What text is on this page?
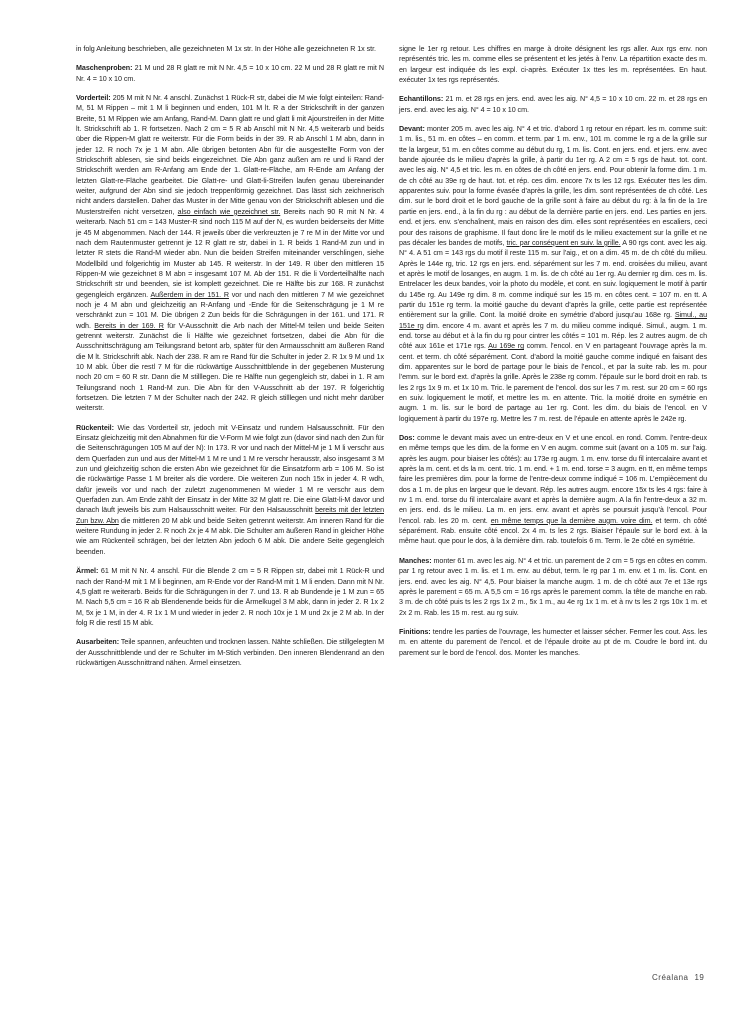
in folg Anleitung beschrieben, alle gezeichneten M 1x str. In der Höhe alle gezeichneten R 1x str.

Maschenproben: 21 M und 28 R glatt re mit N Nr. 4,5 = 10 x 10 cm. 22 M und 28 R glatt re mit N Nr. 4 = 10 x 10 cm.

Vorderteil: 205 M mit N Nr. 4 anschl. Zunächst 1 Rück-R str, dabei die M wie folgt einteilen: Rand-M, 51 M Rippen – mit 1 M li beginnen und enden, 101 M lt. R a der Strickschrift in der ganzen Breite, 51 M Rippen wie am Anfang, Rand-M. Dann glatt re und glatt li mit Ajourstreifen in der Mitte lt. Strickschrift ab 1. R fortsetzen. Nach 2 cm = 5 R ab Anschl mit N Nr. 4,5 weiterarb und beids über die Rippen-M glatt re weiterstr. Für die Form beids in der 39. R ab Anschl 1 M abn, dann in jeder 12. R noch 7x je 1 M abn. Alle übrigen betonten Abn für die ausgestellte Form von der Strickschrift ablesen, sie sind beids eingezeichnet. Die Abn ganz außen am re und li Rand der Strickschrift werden am R-Anfang am Ende der 1. Glatt-re-Fläche, am R-Ende am Anfang der letzten Glatt-re-Fläche gearbeitet. Die Glatt-re- und Glatt-li-Streifen laufen genau übereinander weiter, aufgrund der Abn sind sie jedoch treppenförmig gezeichnet. Das lässt sich zeichnerisch nicht anders darstellen. Daher das Muster in der Mitte genau von der Strickschrift ablesen und die Musterstreifen nicht versetzen, also einfach wie gezeichnet str. Bereits nach 90 R mit N Nr. 4 weiterarb. Nach 51 cm = 143 Muster-R sind noch 115 M auf der N, es wurden beiderseits der Mitte je 45 M abgenommen. Nach der 144. R jeweils über die verkreuzten je 7 re M in der Mitte vor und nach dem Rautenmuster getrennt je 12 R glatt re str, dabei in 1. R beids 1 Rand-M zun und in letzter R stets die Rand-M wieder abn. Nun die beiden Streifen miteinander verschlingen, siehe Modellbild und folgerichtig im Muster ab 145. R weiterstr. In der 149. R über den mittleren 15 Rippen-M wie gezeichnet 8 M abn = insgesamt 107 M. Ab der 151. R die li Vorderteilhälfte nach Strickschrift str und beenden, sie ist komplett gezeichnet. Die re Hälfte bis zur 168. R zunächst gegengleich ergänzen. Außerdem in der 151. R vor und nach den mittleren 7 M wie gezeichnet noch je 4 M abn und gleichzeitig an R-Anfang und -Ende für die Seitenschrägung je 1 M re verschränkt zun = 101 M. Die übrigen 2 Zun beids für die Schrägungen in der 161. und 171. R wdh. Bereits in der 169. R für V-Ausschnitt die Arb nach der Mittel-M teilen und beide Seiten getrennt weiterstr. Zunächst die li Hälfte wie gezeichnet fortsetzen, dabei die Abn für die Ausschnittschrägung am Teilungsrand betont arb, später für den Armausschnitt am äußeren Rand die M lt. Strickschrift abk. Nach der 238. R am re Rand für die Schulter in jeder 2. R 1x 9 M und 1x 10 M abk. Über die restl 7 M für die rückwärtige Ausschnittblende in der gegebenen Musterung noch 20 cm = 60 R str. Dann die M stilllegen. Die re Hälfte nun gegengleich str, dabei in 1. R am Teilungsrand noch 1 Rand-M zun. Die Abn für den V-Ausschnitt ab der 197. R folgerichtig fortsetzen. Die letzten 7 M der Schulter nach der 242. R gleich stilllegen und nicht mehr darüber weiterstr.

Rückenteil: Wie das Vorderteil str, jedoch mit V-Einsatz und rundem Halsausschnitt. Für den Einsatz gleichzeitig mit den Abnahmen für die V-Form M wie folgt zun (davor sind nach den Zun für die Seitenschrägungen 105 M auf der N): In 173. R vor und nach der Mittel-M je 1 M li verschr aus dem Querfaden zun und aus der Mittel-M 1 M re und 1 M re verschr herausstr, also insgesamt 3 M zun und gleichzeitig schon die ersten Abn wie gezeichnet für die Einsatzform arb = 106 M. So ist die rückwärtige Passe 1 M breiter als die vordere. Die weiteren Zun noch 15x in jeder 4. R wdh, dafür jeweils vor und nach der zuletzt zugenommenen M wieder 1 M re verschr aus dem Querfaden zun. Am Ende zählt der Einsatz in der Mitte 32 M glatt re. Die eine Glatt-li-M davor und danach läuft jeweils bis zum Halsausschnitt weiter. Für den Halsausschnitt bereits mit der letzten Zun bzw. Abn die mittleren 20 M abk und beide Seiten getrennt weiterstr. Am inneren Rand für die weitere Rundung in jeder 2. R noch 2x je 4 M abk. Die Schulter am äußeren Rand in gleicher Höhe wie am Rückenteil schrägen, bei der letzten Abn jedoch 6 M abk. Die andere Seite gegengleich beenden.

Ärmel: 61 M mit N Nr. 4 anschl. Für die Blende 2 cm = 5 R Rippen str, dabei mit 1 Rück-R und nach der Rand-M mit 1 M li beginnen, am R-Ende vor der Rand-M mit 1 M li enden. Dann mit N Nr. 4,5 glatt re weiterarb. Beids für die Schrägungen in der 7. und 13. R ab Bundende je 1 M zun = 65 M. Nach 5,5 cm = 16 R ab Blendenende beids für die Ärmelkugel 3 M abk, dann in jeder 2. R 1x 2 M, 5x je 1 M, in der 4. R 1x 1 M und wieder in jeder 2. R noch 10x je 1 M und 2x je 2 M ab. In der folg R die restl 15 M abk.

Ausarbeiten: Teile spannen, anfeuchten und trocknen lassen. Nähte schließen. Die stillgelegten M der Ausschnittblende und der re Schulter im M-Stich verbinden. Den inneren Blendenrand an den rückwärtigen Ausschnittrand nähen. Ärmel einsetzen.

signe le 1er rg retour. Les chiffres en marge à droite désignent les rgs aller. Aux rgs env. non représentés tric. les m. comme elles se présentent et les jetés à l’env. La répartition exacte des m. en largeur est indiquée ds les expl. ci-après. Exécuter 1x ttes les m. représentées. En haut. exécuter 1x tes rgs représentés.

Echantillons: 21 m. et 28 rgs en jers. end. avec les aig. N° 4,5 = 10 x 10 cm. 22 m. et 28 rgs en jers. end. avec les aig. N° 4 = 10 x 10 cm.

Devant: monter 205 m. avec les aig. N° 4 et tric. d’abord 1 rg retour en répart. les m. comme suit: 1 m. lis., 51 m. en côtes – en comm. et term. par 1 m. env., 101 m. comme le rg a de la grille sur tte la largeur, 51 m. en côtes comme au début du rg, 1 m. lis. Cont. en jers. end. et jers. env. avec bande ajourée ds le milieu d’après la grille, à partir du 1er rg. A 2 cm = 5 rgs de haut. tot. cont. avec les aig. N° 4,5 et tric. les m. en côtes de ch côté en jers. end. Pour obtenir la forme dim. 1 m. de ch côté au 39e rg de haut. tot. et rép. ces dim. encore 7x ts les 12 rgs. Exécuter ttes les dim. apparentes suiv. pour la forme évasée d’après la grille, les dim. sont représentées de ch côté. Les dim. sur le bord droit et le bord gauche de la grille sont à faire au début du rg: à la fin de la 1re partie en jers. end., à la fin du rg : au début de la dernière partie en jers. end. Les parties en jers. end. et jers. env. s’enchaînent, mais en raison des dim. elles sont représentées en escaliers, ceci pour des raisons de graphisme. Il faut donc lire le motif ds le milieu exactement sur la grille et ne pas décaler les bandes de motifs, tric. par conséquent en suiv. la grille. A 90 rgs cont. avec les aig. N° 4. A 51 cm = 143 rgs du motif il reste 115 m. sur l’aig., et on a dim. 45 m. de ch côté du milieu. Après le 144e rg, tric. 12 rgs en jers. end. séparément sur les 7 m. end. croisées du milieu, avant et après le motif de losanges, en augm. 1 m. lis. de ch côté au 1er rg. Au dernier rg dim. ces m. lis. Entrelacer les deux bandes, voir la photo du modèle, et cont. en suiv. logiquement le motif à partir du 145e rg. Au 149e rg dim. 8 m. comme indiqué sur les 15 m. en côtes cent. = 107 m. en tt. A partir du 151e rg term. la moitié gauche du devant d’après la grille, cette partie est représentée entièrement sur la grille. Cont. la moitié droite en symétrie d’abord jusqu’au 168e rg. Simul., au 151e rg dim. encore 4 m. avant et après les 7 m. du milieu comme indiqué. Simul., augm. 1 m. end. torse au début et à la fin du rg pour cintrer les côtés = 101 m. Rép. les 2 autres augm. de ch côté aux 161e et 171e rgs. Au 169e rg comm. l’encol. en V en partageant l’ouvrage après la m. cent. et term. ch côté séparément. Cont. d’abord la moitié gauche comme indiqué en faisant des dim. apparentes sur le bord de partage pour le biais de l’encol., et par la suite rab. les m. pour l’emm. sur le bord ext. d’après la grille. Après le 238e rg comm. l’épaule sur le bord droit en rab. ts les 2 rgs 1x 9 m. et 1x 10 m. Tric. le parement de l’encol. dos sur les 7 m. rest. sur 20 cm = 60 rgs en suiv. logiquement le motif, et mettre les m. en attente. Tric. la moitié droite en symétrie en augm. 1 m. lis. sur le bord de partage au 1er rg. Cont. les dim. du biais de l’encol. en V logiquement à partir du 197e rg. Mettre les 7 m. rest. de l’épaule en attente après le 242e rg.

Dos: comme le devant mais avec un entre-deux en V et une encol. en rond. Comm. l’entre-deux en même temps que les dim. de la forme en V en augm. comme suit (avant on a 105 m. sur l’aig. après les augm. pour biaiser les côtés): au 173e rg augm. 1 m. env. torse du fil intercalaire avant et après la m. cent. et ds la m. cent. tric. 1 m. end. + 1 m. end. torse = 3 augm. en tt, en même temps faire les premières dim. pour la forme de l’entre-deux comme indiqué = 106 m. L’empiècement du dos a 1 m. de plus en largeur que le devant. Rép. les autres augm. encore 15x ts les 4 rgs: faire à nv 1 m. end. torse du fil intercalaire avant et après la dernière augm. A la fin l’entre-deux a 32 m. en jers. end. ds le milieu. La m. en jers. env. avant et après se poursuit jusqu’à l’encol. Pour l’encol. rab. les 20 m. cent. en même temps que la dernière augm. voire dim. et term. ch côté séparément. Rab. ensuite côté encol. 2x 4 m. ts les 2 rgs. Biaiser l’épaule sur le bord ext. à la même haut. que pour le dos, à la dernière dim. rab. toutefois 6 m. Term. le 2e côté en symétrie.

Manches: monter 61 m. avec les aig. N° 4 et tric. un parement de 2 cm = 5 rgs en côtes en comm. par 1 rg retour avec 1 m. lis. et 1 m. env. au début, term. le rg par 1 m. env. et 1 m. lis. Cont. en jers. end. avec les aig. N° 4,5. Pour biaiser la manche augm. 1 m. de ch côté aux 7e et 13e rgs après le parement = 65 m. A 5,5 cm = 16 rgs après le parement comm. la tête de manche en rab. 3 m. de ch côté puis ts les 2 rgs 1x 2 m., 5x 1 m., au 4e rg 1x 1 m. et à nv ts les 2 rgs 10x 1 m. et 2x 2 m. Rab. les 15 m. rest. au rg suiv.

Finitions: tendre les parties de l’ouvrage, les humecter et laisser sécher. Fermer les cout. Ass. les m. en attente du parement de l’encol. et de l’épaule droite au pt de m. Coudre le bord int. du parement sur le bord de l’encol. dos. Monter les manches.

Créalana 19
